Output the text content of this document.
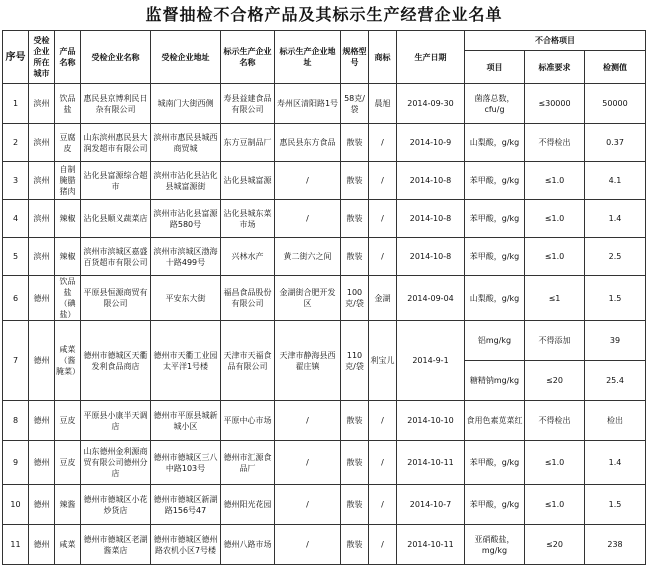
监督抽检不合格产品及其标示生产经营企业名单
序号	受检企业所在城市	产品名称	受检企业名称	受检企业地址	标示生产企业名称	标示生产企业地址	规格型号	商标	生产日期	不合格项目		
										项目	标准要求	检测值
1	滨州	饮品盐	惠民县京博利民日杂有限公司	城南门大街西侧	寿县益建食品有限公司	寿州区清阳路1号	58克/袋	晨旭	2014-09-30	菌落总数，cfu/g	≤30000	50000
2	滨州	豆腐皮	山东滨州惠民县大润发超市有限公司	滨州市惠民县城西商贸城	东方豆制品厂	惠民县东方食品	散装	/	2014-10-9	山梨酸，g/kg	不得检出	0.37
3	滨州	自制腌腊猪肉	沾化县富源综合超市	滨州市沾化县沾化县城富源街	沾化县城富源	/	散装	/	2014-10-8	苯甲酸，g/kg	≤1.0	4.1
4	滨州	辣椒	沾化县顺义蔬菜店	滨州市沾化县富源路580号	沾化县城东菜市场	/	散装	/	2014-10-8	苯甲酸，g/kg	≤1.0	1.4
5	滨州	辣椒	滨州市滨城区嘉盛百货超市有限公司	滨州市滨城区渤海十路499号	兴林水产	黄二街六之间	散装	/	2014-10-8	苯甲酸，g/kg	≤1.0	2.5
6	德州	饮品盐（碘盐）	平原县恒源商贸有限公司	平安东大街	福昌食品股份有限公司	金湖街合肥开发区	100克/袋	金湖	2014-09-04	山梨酸，g/kg	≤1	1.5
7	德州	咸菜（酱腌菜）	德州市德城区天衢发利食品商店	德州市天衢工业园太平洋1号楼	天津市天福食品有限公司	天津市静海县西翟庄镇	110克/袋	利宝儿	2014-9-1	铝mg/kg	不得添加	39
										糖精钠mg/kg	≤20	25.4
8	德州	豆皮	平原县小康半天调店	德州市平原县城新城小区	平原中心市场	/	散装	/	2014-10-10	食用色素苋菜红	不得检出	检出
9	德州	豆皮	山东德州金利源商贸有限公司德州分店	德州市德城区三八中路103号	德州市汇源食品厂	/	散装	/	2014-10-11	苯甲酸，g/kg	≤1.0	1.4
10	德州	辣酱	德州市德城区小花炒货店	德州市德城区新湖路156号47	德州阳光花园	/	散装	/	2014-10-7	苯甲酸，g/kg	≤1.0	1.5
11	德州	咸菜	德州市德城区老湖酱菜店	德州市德城区德州路农机小区7号楼	德州八路市场	/	散装	/	2014-10-11	亚硝酸盐，mg/kg	≤20	238
